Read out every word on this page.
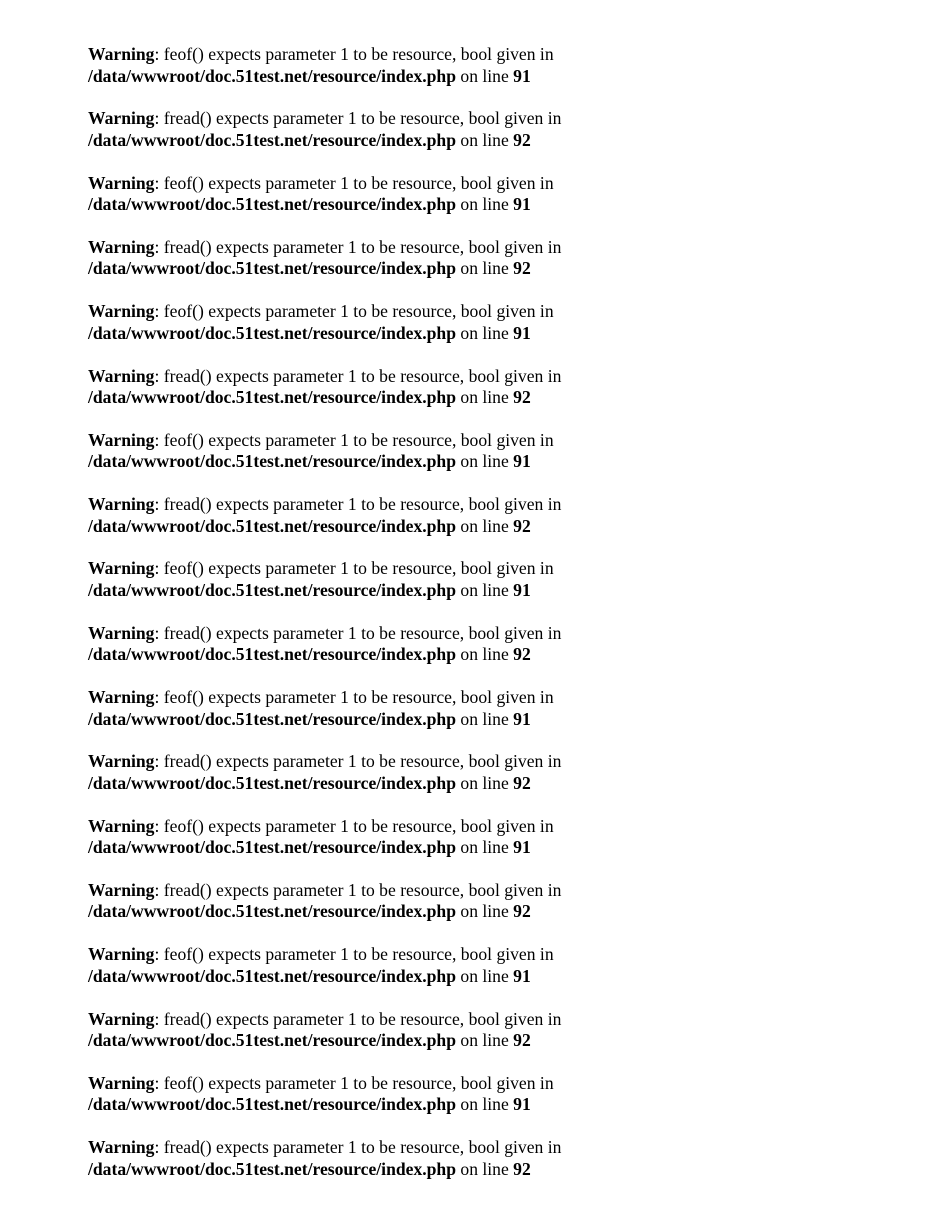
Warning: feof() expects parameter 1 to be resource, bool given in
/data/wwwroot/doc.51test.net/resource/index.php on line 91
Warning: fread() expects parameter 1 to be resource, bool given in
/data/wwwroot/doc.51test.net/resource/index.php on line 92
Warning: feof() expects parameter 1 to be resource, bool given in
/data/wwwroot/doc.51test.net/resource/index.php on line 91
Warning: fread() expects parameter 1 to be resource, bool given in
/data/wwwroot/doc.51test.net/resource/index.php on line 92
Warning: feof() expects parameter 1 to be resource, bool given in
/data/wwwroot/doc.51test.net/resource/index.php on line 91
Warning: fread() expects parameter 1 to be resource, bool given in
/data/wwwroot/doc.51test.net/resource/index.php on line 92
Warning: feof() expects parameter 1 to be resource, bool given in
/data/wwwroot/doc.51test.net/resource/index.php on line 91
Warning: fread() expects parameter 1 to be resource, bool given in
/data/wwwroot/doc.51test.net/resource/index.php on line 92
Warning: feof() expects parameter 1 to be resource, bool given in
/data/wwwroot/doc.51test.net/resource/index.php on line 91
Warning: fread() expects parameter 1 to be resource, bool given in
/data/wwwroot/doc.51test.net/resource/index.php on line 92
Warning: feof() expects parameter 1 to be resource, bool given in
/data/wwwroot/doc.51test.net/resource/index.php on line 91
Warning: fread() expects parameter 1 to be resource, bool given in
/data/wwwroot/doc.51test.net/resource/index.php on line 92
Warning: feof() expects parameter 1 to be resource, bool given in
/data/wwwroot/doc.51test.net/resource/index.php on line 91
Warning: fread() expects parameter 1 to be resource, bool given in
/data/wwwroot/doc.51test.net/resource/index.php on line 92
Warning: feof() expects parameter 1 to be resource, bool given in
/data/wwwroot/doc.51test.net/resource/index.php on line 91
Warning: fread() expects parameter 1 to be resource, bool given in
/data/wwwroot/doc.51test.net/resource/index.php on line 92
Warning: feof() expects parameter 1 to be resource, bool given in
/data/wwwroot/doc.51test.net/resource/index.php on line 91
Warning: fread() expects parameter 1 to be resource, bool given in
/data/wwwroot/doc.51test.net/resource/index.php on line 92
